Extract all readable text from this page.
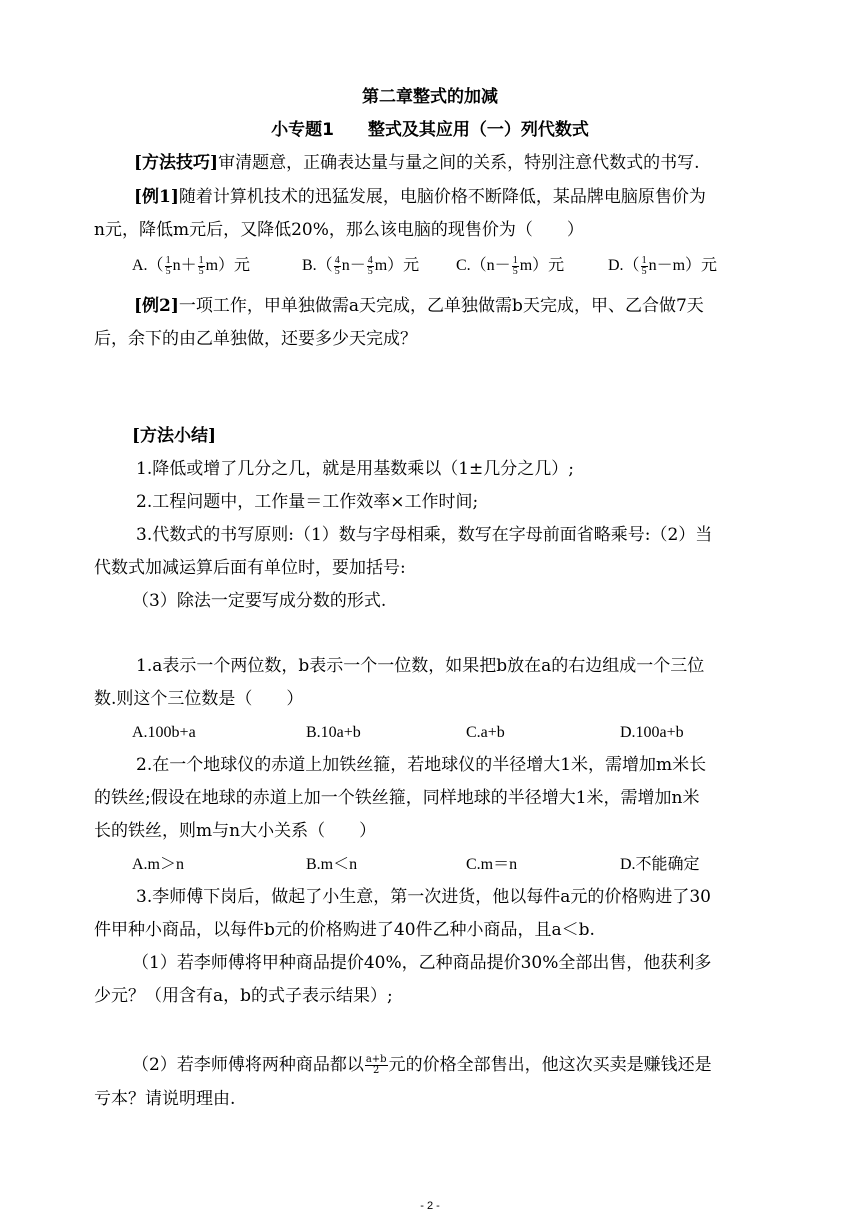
第二章整式的加减
小专题1　　整式及其应用（一）列代数式
[方法技巧]审清题意，正确表达量与量之间的关系，特别注意代数式的书写.
[例1]随着计算机技术的迅猛发展，电脑价格不断降低，某品牌电脑原售价为
n元，降低m元后，又降低20%，那么该电脑的现售价为（　　）
$A.( \frac{1}{5} n+ \frac{1}{5} m)$元	$B.( \frac{4}{5} n- \frac{4}{5} m)$元 $C.(n- \frac{1}{5} m)$元	$D.( \frac{1}{5} n-m)$元
[例2]一项工作，甲单独做需a天完成，乙单独做需b天完成，甲、乙合做7天
后，余下的由乙单独做，还要多少天完成？
[方法小结]
1.降低或增了几分之几，就是用基数乘以（1±几分之几）;
2.工程问题中，工作量＝工作效率×工作时间;
3.代数式的书写原则:（1）数与字母相乘，数写在字母前面省略乘号:（2）当
代数式加减运算后面有单位时，要加括号:
（3）除法一定要写成分数的形式.
1.a表示一个两位数，b表示一个一位数，如果把b放在a的右边组成一个三位
数.则这个三位数是（　　）
A.100b+a	B.10a+b	C.a+b	D.100a+b
2.在一个地球仪的赤道上加铁丝箍，若地球仪的半径增大1米，需增加m米长
的铁丝;假设在地球的赤道上加一个铁丝箍，同样地球的半径增大1米，需增加n米
长的铁丝，则m与n大小关系（　　）
A.m＞n	B.m＜n	C.m＝n	D.不能确定
3.李师傅下岗后，做起了小生意，第一次进货，他以每件a元的价格购进了30
件甲种小商品，以每件b元的价格购进了40件乙种小商品，且a＜b.
（1）若李师傅将甲种商品提价40%，乙种商品提价30%全部出售，他获利多
少元？（用含有a，b的式子表示结果）;
（2）若李师傅将两种商品都以 $\frac{a+b}{2}$ 元的价格全部售出，他这次买卖是赚钱还是
亏本？请说明理由.
- 2 -
